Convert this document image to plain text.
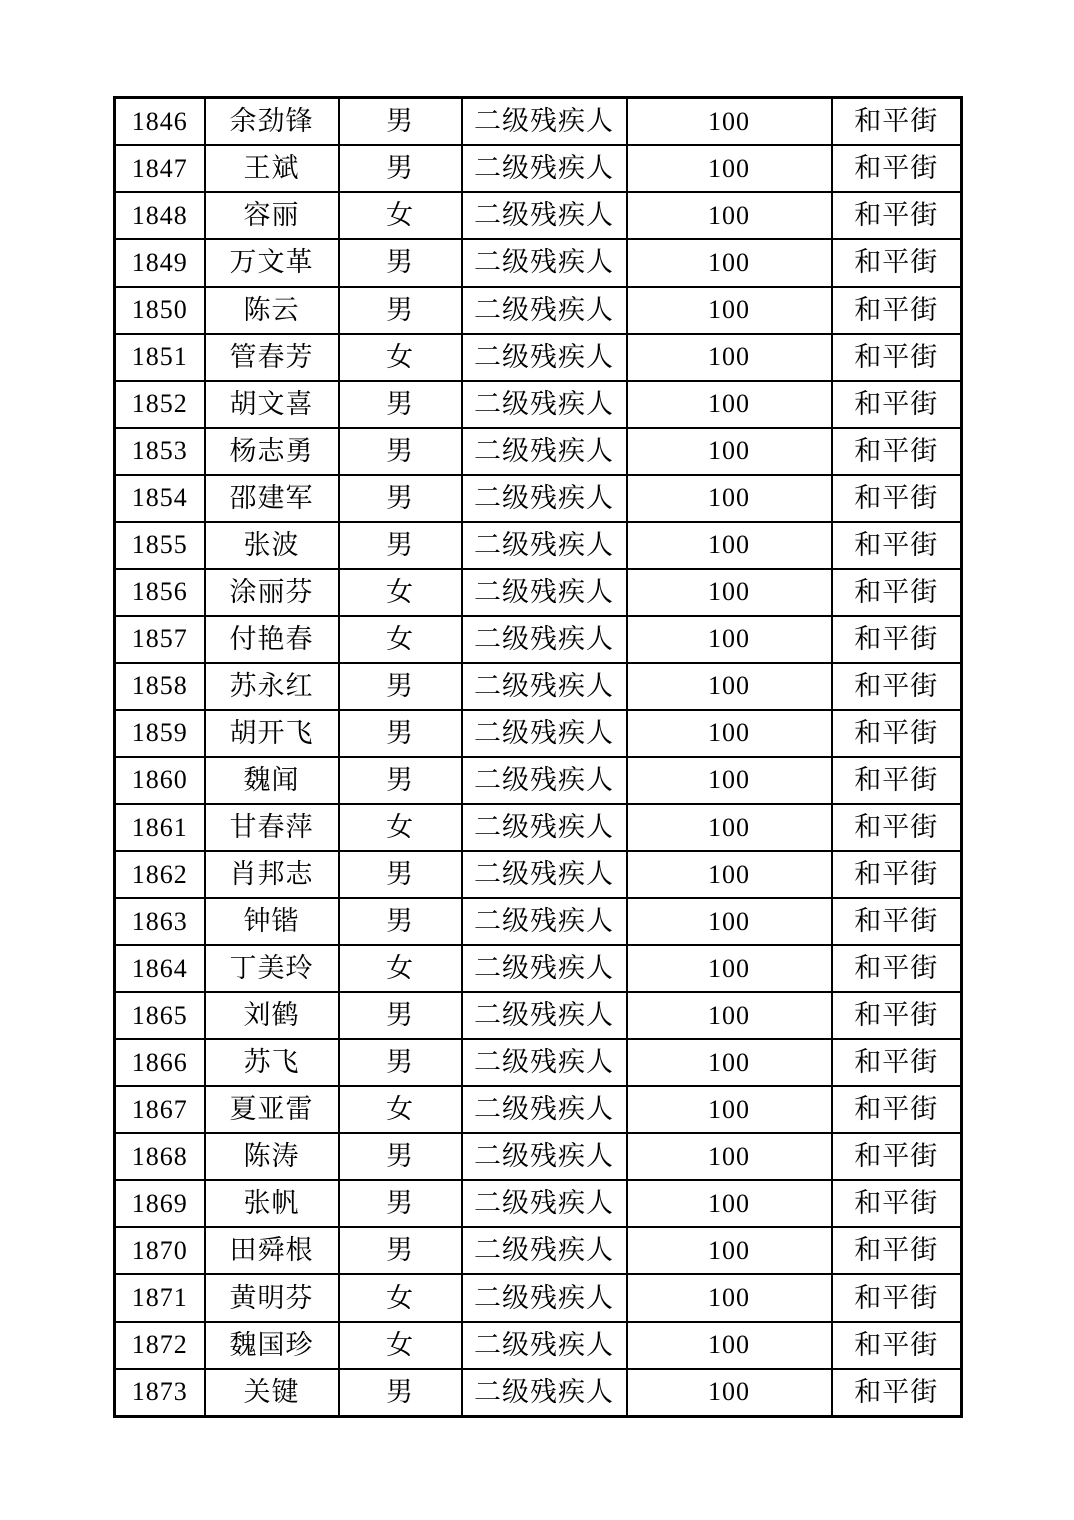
1846	余劲锋	男	二级残疾人	100	和平街
1847	王斌	男	二级残疾人	100	和平街
1848	容丽	女	二级残疾人	100	和平街
1849	万文革	男	二级残疾人	100	和平街
1850	陈云	男	二级残疾人	100	和平街
1851	管春芳	女	二级残疾人	100	和平街
1852	胡文喜	男	二级残疾人	100	和平街
1853	杨志勇	男	二级残疾人	100	和平街
1854	邵建军	男	二级残疾人	100	和平街
1855	张波	男	二级残疾人	100	和平街
1856	涂丽芬	女	二级残疾人	100	和平街
1857	付艳春	女	二级残疾人	100	和平街
1858	苏永红	男	二级残疾人	100	和平街
1859	胡开飞	男	二级残疾人	100	和平街
1860	魏闻	男	二级残疾人	100	和平街
1861	甘春萍	女	二级残疾人	100	和平街
1862	肖邦志	男	二级残疾人	100	和平街
1863	钟锴	男	二级残疾人	100	和平街
1864	丁美玲	女	二级残疾人	100	和平街
1865	刘鹤	男	二级残疾人	100	和平街
1866	苏飞	男	二级残疾人	100	和平街
1867	夏亚雷	女	二级残疾人	100	和平街
1868	陈涛	男	二级残疾人	100	和平街
1869	张帆	男	二级残疾人	100	和平街
1870	田舜根	男	二级残疾人	100	和平街
1871	黄明芬	女	二级残疾人	100	和平街
1872	魏国珍	女	二级残疾人	100	和平街
1873	关键	男	二级残疾人	100	和平街
